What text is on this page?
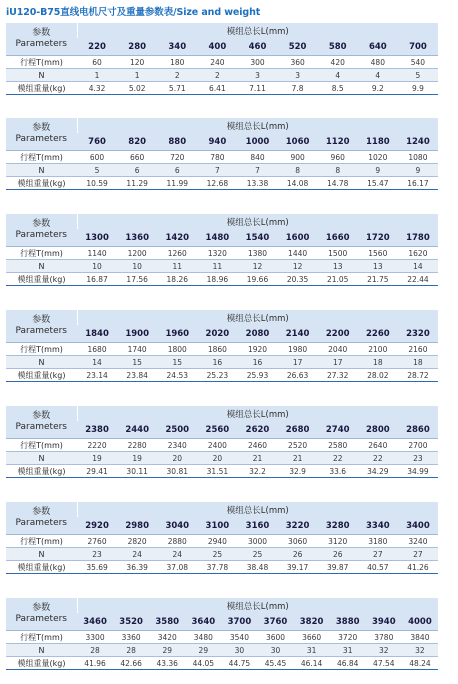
iU120-B75直线电机尺寸及重量参数表/Size and weight
参数
Parameters	模组总长L(mm)								
	220	280	340	400	460	520	580	640	700
行程T(mm)	60	120	180	240	300	360	420	480	540
N	1	1	2	2	3	3	4	4	5
模组重量(kg)	4.32	5.02	5.71	6.41	7.11	7.8	8.5	9.2	9.9
参数
Parameters	模组总长L(mm)								
	760	820	880	940	1000	1060	1120	1180	1240
行程T(mm)	600	660	720	780	840	900	960	1020	1080
N	5	6	6	7	7	8	8	9	9
模组重量(kg)	10.59	11.29	11.99	12.68	13.38	14.08	14.78	15.47	16.17
参数
Parameters	模组总长L(mm)								
	1300	1360	1420	1480	1540	1600	1660	1720	1780
行程T(mm)	1140	1200	1260	1320	1380	1440	1500	1560	1620
N	10	10	11	11	12	12	13	13	14
模组重量(kg)	16.87	17.56	18.26	18.96	19.66	20.35	21.05	21.75	22.44
参数
Parameters	模组总长L(mm)								
	1840	1900	1960	2020	2080	2140	2200	2260	2320
行程T(mm)	1680	1740	1800	1860	1920	1980	2040	2100	2160
N	14	15	15	16	16	17	17	18	18
模组重量(kg)	23.14	23.84	24.53	25.23	25.93	26.63	27.32	28.02	28.72
参数
Parameters	模组总长L(mm)								
	2380	2440	2500	2560	2620	2680	2740	2800	2860
行程T(mm)	2220	2280	2340	2400	2460	2520	2580	2640	2700
N	19	19	20	20	21	21	22	22	23
模组重量(kg)	29.41	30.11	30.81	31.51	32.2	32.9	33.6	34.29	34.99
参数
Parameters	模组总长L(mm)								
	2920	2980	3040	3100	3160	3220	3280	3340	3400
行程T(mm)	2760	2820	2880	2940	3000	3060	3120	3180	3240
N	23	24	24	25	25	26	26	27	27
模组重量(kg)	35.69	36.39	37.08	37.78	38.48	39.17	39.87	40.57	41.26
参数
Parameters	模组总长L(mm)									
	3460	3520	3580	3640	3700	3760	3820	3880	3940	4000
行程T(mm)	3300	3360	3420	3480	3540	3600	3660	3720	3780	3840
N	28	28	29	29	30	30	31	31	32	32
模组重量(kg)	41.96	42.66	43.36	44.05	44.75	45.45	46.14	46.84	47.54	48.24
